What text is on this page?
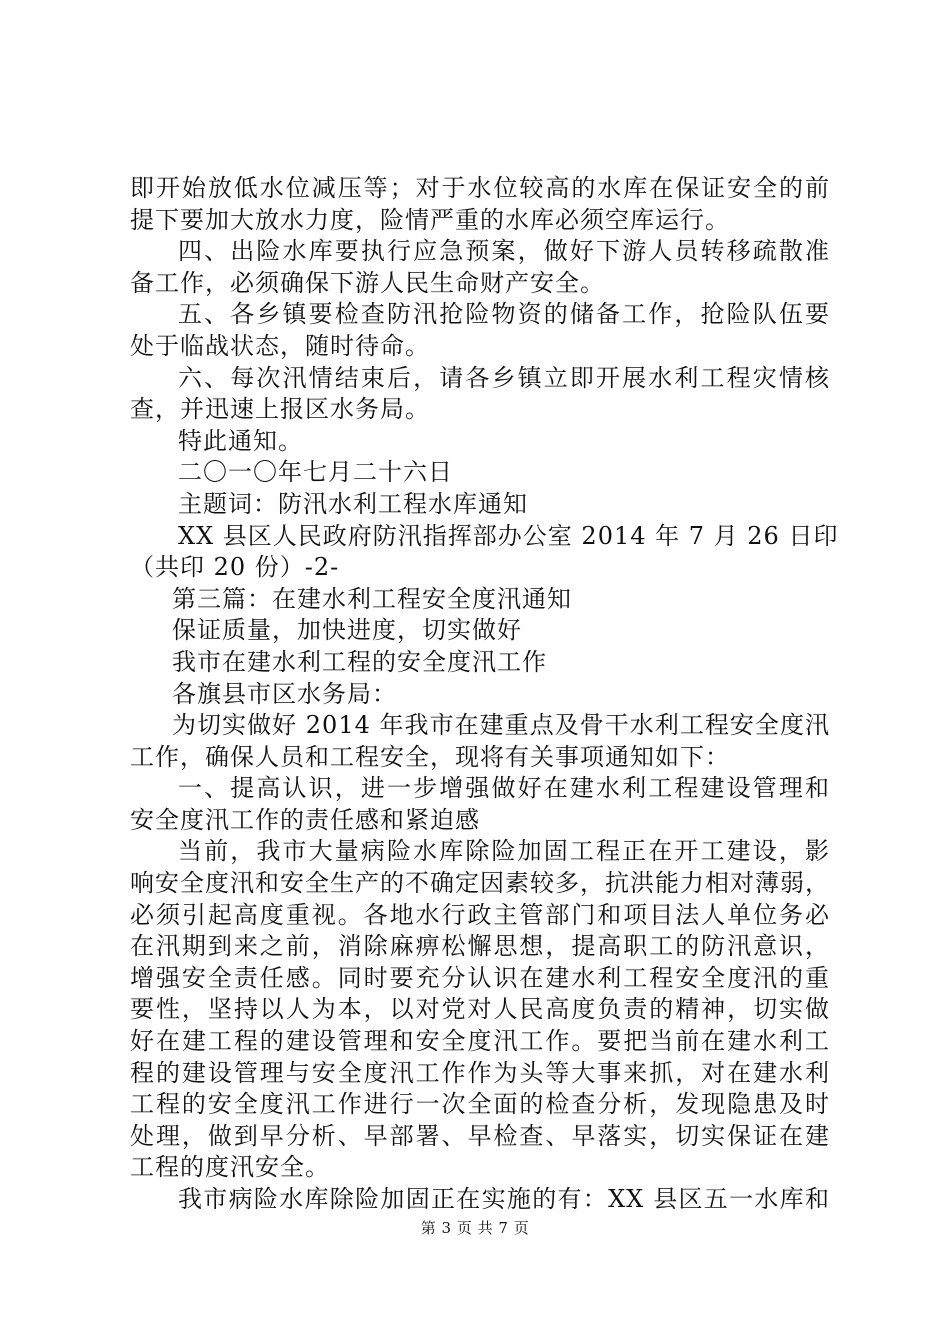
即开始放低水位减压等；对于水位较高的水库在保证安全的前
提下要加大放水力度，险情严重的水库必须空库运行。
四、出险水库要执行应急预案，做好下游人员转移疏散准
备工作，必须确保下游人民生命财产安全。
五、各乡镇要检查防汛抢险物资的储备工作，抢险队伍要
处于临战状态，随时待命。
六、每次汛情结束后，请各乡镇立即开展水利工程灾情核
查，并迅速上报区水务局。
特此通知。
二〇一〇年七月二十六日
主题词：防汛水利工程水库通知
XX 县区人民政府防汛指挥部办公室 2014 年 7 月 26 日印
（共印 20 份）-2-
第三篇：在建水利工程安全度汛通知
保证质量，加快进度，切实做好
我市在建水利工程的安全度汛工作
各旗县市区水务局：
为切实做好 2014 年我市在建重点及骨干水利工程安全度汛
工作，确保人员和工程安全，现将有关事项通知如下：
一、提高认识，进一步增强做好在建水利工程建设管理和
安全度汛工作的责任感和紧迫感
当前，我市大量病险水库除险加固工程正在开工建设，影
响安全度汛和安全生产的不确定因素较多，抗洪能力相对薄弱，
必须引起高度重视。各地水行政主管部门和项目法人单位务必
在汛期到来之前，消除麻痹松懈思想，提高职工的防汛意识，
增强安全责任感。同时要充分认识在建水利工程安全度汛的重
要性，坚持以人为本，以对党对人民高度负责的精神，切实做
好在建工程的建设管理和安全度汛工作。要把当前在建水利工
程的建设管理与安全度汛工作作为头等大事来抓，对在建水利
工程的安全度汛工作进行一次全面的检查分析，发现隐患及时
处理，做到早分析、早部署、早检查、早落实，切实保证在建
工程的度汛安全。
我市病险水库除险加固正在实施的有：XX 县区五一水库和
第 3 页 共 7 页
